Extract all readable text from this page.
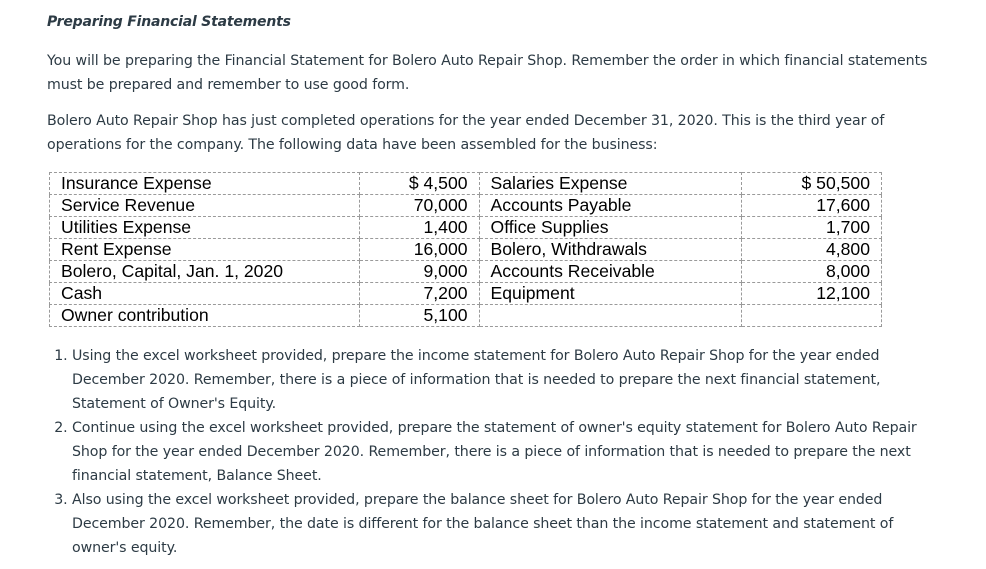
Preparing Financial Statements

You will be preparing the Financial Statement for Bolero Auto Repair Shop. Remember the order in which financial statements must be prepared and remember to use good form.

Bolero Auto Repair Shop has just completed operations for the year ended December 31, 2020. This is the third year of operations for the company. The following data have been assembled for the business:

Insurance Expense	$ 4,500	Salaries Expense	$ 50,500
Service Revenue	70,000	Accounts Payable	17,600
Utilities Expense	1,400	Office Supplies	1,700
Rent Expense	16,000	Bolero, Withdrawals	4,800
Bolero, Capital, Jan. 1, 2020	9,000	Accounts Receivable	8,000
Cash	7,200	Equipment	12,100
Owner contribution	5,100		
1. Using the excel worksheet provided, prepare the income statement for Bolero Auto Repair Shop for the year ended December 2020. Remember, there is a piece of information that is needed to prepare the next financial statement, Statement of Owner's Equity.
2. Continue using the excel worksheet provided, prepare the statement of owner's equity statement for Bolero Auto Repair Shop for the year ended December 2020. Remember, there is a piece of information that is needed to prepare the next financial statement, Balance Sheet.
3. Also using the excel worksheet provided, prepare the balance sheet for Bolero Auto Repair Shop for the year ended December 2020. Remember, the date is different for the balance sheet than the income statement and statement of owner's equity.
